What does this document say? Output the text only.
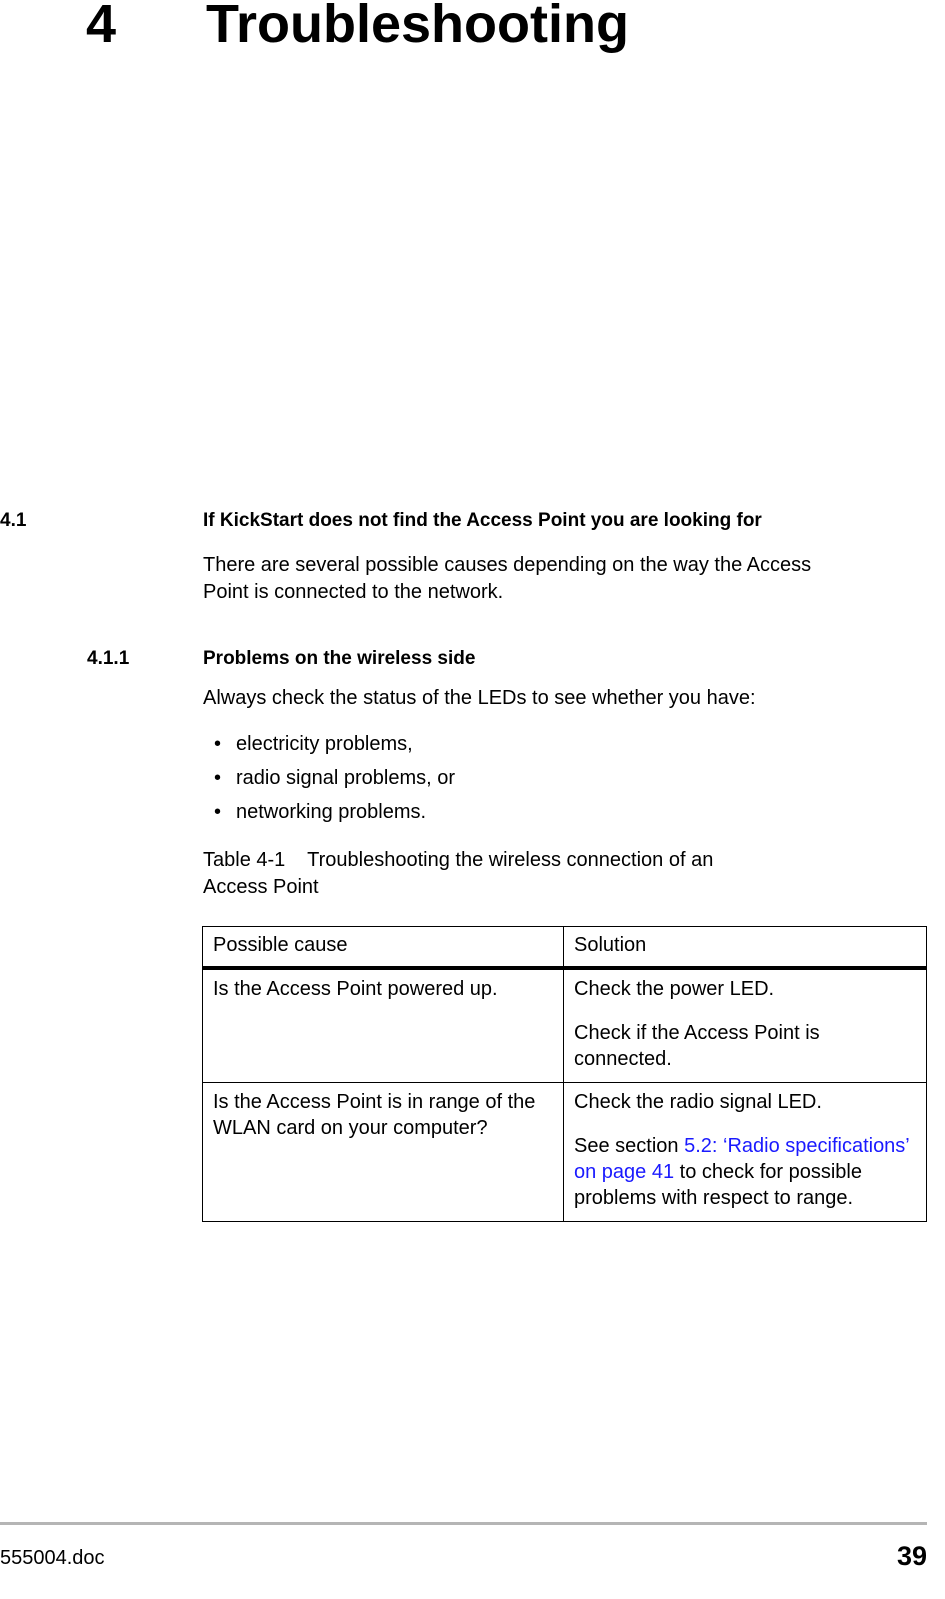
4 Troubleshooting
4.1	If KickStart does not find the Access Point you are looking for
There are several possible causes depending on the way the Access
Point is connected to the network.
4.1.1	Problems on the wireless side
Always check the status of the LEDs to see whether you have:
• electricity problems,
• radio signal problems, or
• networking problems.
Table 4-1    Troubleshooting the wireless connection of an
Access Point
Possible cause	Solution
Is the Access Point powered up.	Check the power LED.

Check if the Access Point is connected.

Is the Access Point is in range of the WLAN card on your computer?	Check the radio signal LED.

See section 5.2: ‘Radio specifications’ on page 41 to check for possible problems with respect to range.

555004.doc	39
